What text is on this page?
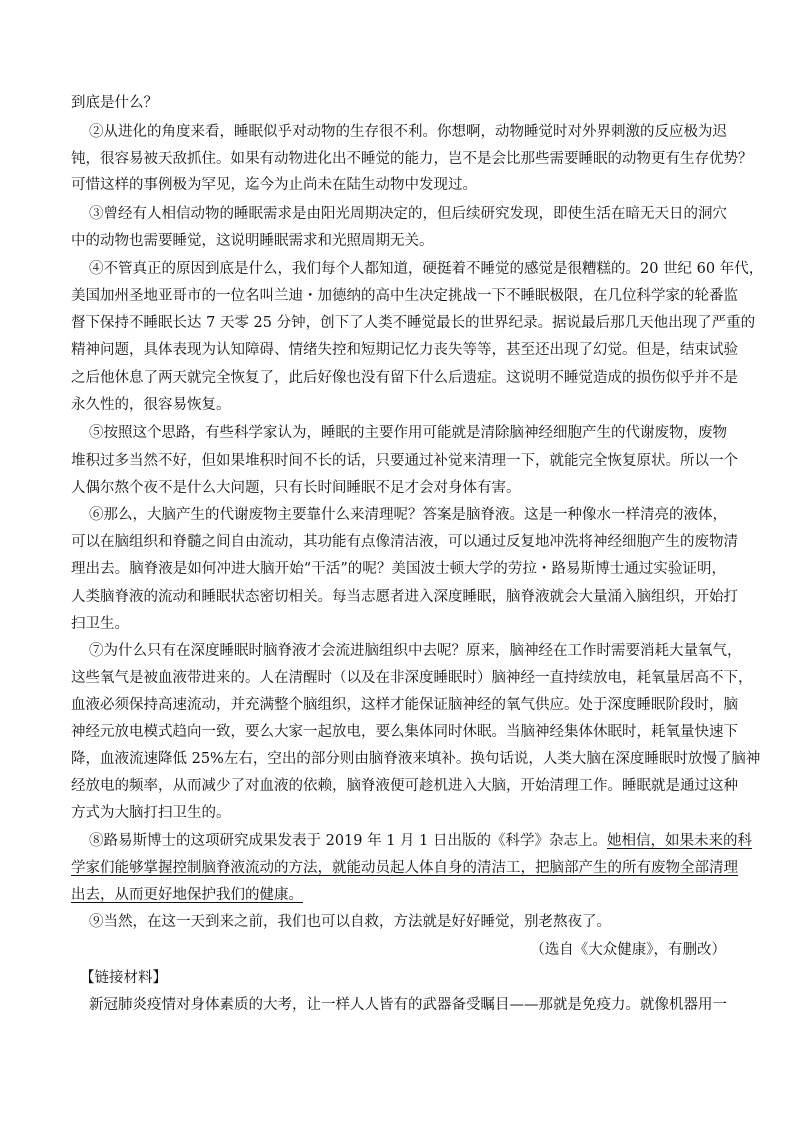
到底是什么？
②从进化的角度来看，睡眠似乎对动物的生存很不利。你想啊，动物睡觉时对外界刺激的反应极为迟
钝，很容易被天敌抓住。如果有动物进化出不睡觉的能力，岂不是会比那些需要睡眠的动物更有生存优势？
可惜这样的事例极为罕见，迄今为止尚未在陆生动物中发现过。
③曾经有人相信动物的睡眠需求是由阳光周期决定的，但后续研究发现，即使生活在暗无天日的洞穴
中的动物也需要睡觉，这说明睡眠需求和光照周期无关。
④不管真正的原因到底是什么，我们每个人都知道，硬挺着不睡觉的感觉是很糟糕的。20 世纪 60 年代，
美国加州圣地亚哥市的一位名叫兰迪・加德纳的高中生决定挑战一下不睡眠极限，在几位科学家的轮番监
督下保持不睡眠长达 7 天零 25 分钟，创下了人类不睡觉最长的世界纪录。据说最后那几天他出现了严重的
精神问题，具体表现为认知障碍、情绪失控和短期记忆力丧失等等，甚至还出现了幻觉。但是，结束试验
之后他休息了两天就完全恢复了，此后好像也没有留下什么后遗症。这说明不睡觉造成的损伤似乎并不是
永久性的，很容易恢复。
⑤按照这个思路，有些科学家认为，睡眠的主要作用可能就是清除脑神经细胞产生的代谢废物，废物
堆积过多当然不好，但如果堆积时间不长的话，只要通过补觉来清理一下，就能完全恢复原状。所以一个
人偶尔熬个夜不是什么大问题，只有长时间睡眠不足才会对身体有害。
⑥那么，大脑产生的代谢废物主要靠什么来清理呢？答案是脑脊液。这是一种像水一样清亮的液体，
可以在脑组织和脊髓之间自由流动，其功能有点像清洁液，可以通过反复地冲洗将神经细胞产生的废物清
理出去。脑脊液是如何冲进大脑开始“干活”的呢？美国波士顿大学的劳拉・路易斯博士通过实验证明，
人类脑脊液的流动和睡眠状态密切相关。每当志愿者进入深度睡眠，脑脊液就会大量涌入脑组织，开始打
扫卫生。
⑦为什么只有在深度睡眠时脑脊液才会流进脑组织中去呢？原来，脑神经在工作时需要消耗大量氧气，
这些氧气是被血液带进来的。人在清醒时（以及在非深度睡眠时）脑神经一直持续放电，耗氧量居高不下，
血液必须保持高速流动，并充满整个脑组织，这样才能保证脑神经的氧气供应。处于深度睡眠阶段时，脑
神经元放电模式趋向一致，要么大家一起放电，要么集体同时休眠。当脑神经集体休眠时，耗氧量快速下
降，血液流速降低 25%左右，空出的部分则由脑脊液来填补。换句话说，人类大脑在深度睡眠时放慢了脑神
经放电的频率，从而减少了对血液的依赖，脑脊液便可趁机进入大脑，开始清理工作。睡眠就是通过这种
方式为大脑打扫卫生的。
⑧路易斯博士的这项研究成果发表于 2019 年 1 月 1 日出版的《科学》杂志上。她相信，如果未来的科
学家们能够掌握控制脑脊液流动的方法，就能动员起人体自身的清洁工，把脑部产生的所有废物全部清理
出去，从而更好地保护我们的健康。
⑨当然，在这一天到来之前，我们也可以自救，方法就是好好睡觉，别老熬夜了。
（选自《大众健康》，有删改）
【链接材料】
新冠肺炎疫情对身体素质的大考，让一样人人皆有的武器备受瞩目——那就是免疫力。就像机器用一
